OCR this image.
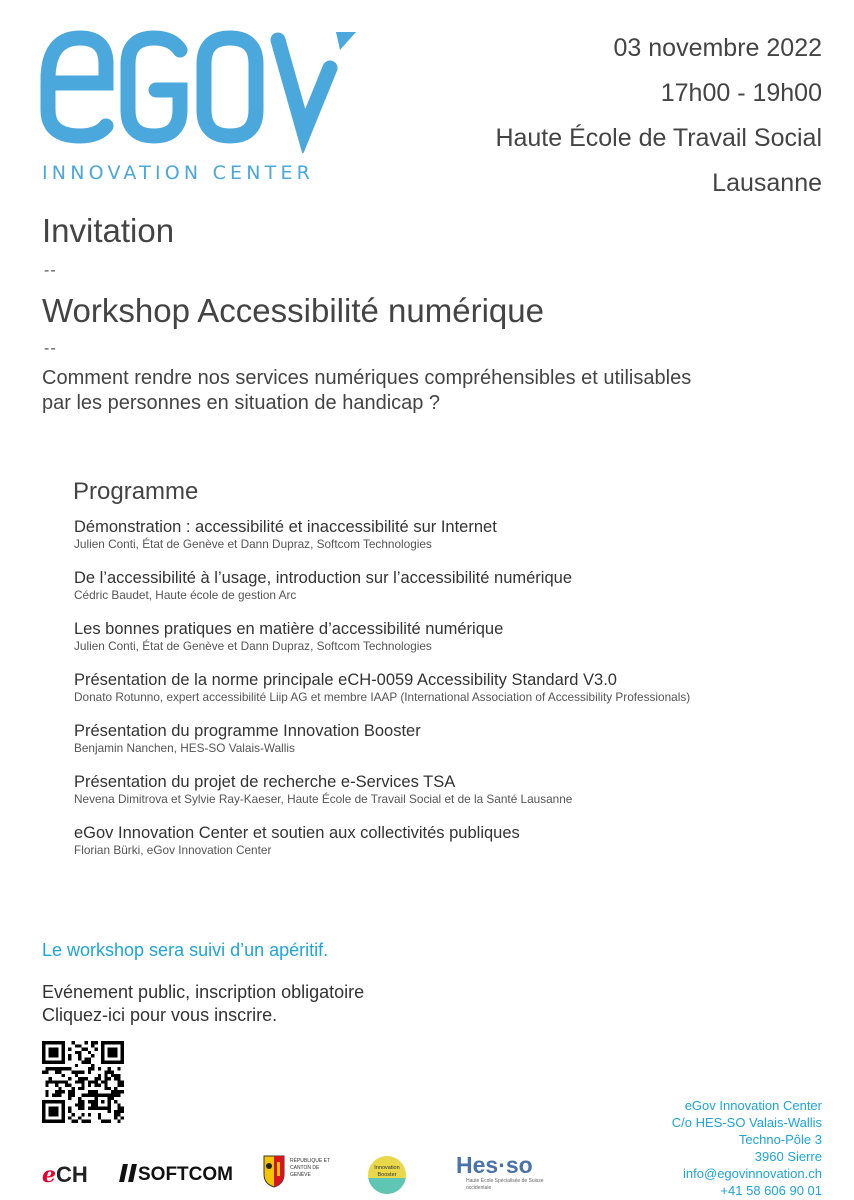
INNOVATION CENTER
03 novembre 2022
17h00 - 19h00
Haute École de Travail Social
Lausanne
Invitation
--
Workshop Accessibilité numérique
--
Comment rendre nos services numériques compréhensibles et utilisables
par les personnes en situation de handicap ?
Programme
Démonstration : accessibilité et inaccessibilité sur Internet
Julien Conti, État de Genève et Dann Dupraz, Softcom Technologies
De l’accessibilité à l’usage, introduction sur l’accessibilité numérique
Cédric Baudet, Haute école de gestion Arc
Les bonnes pratiques en matière d’accessibilité numérique
Julien Conti, État de Genève et Dann Dupraz, Softcom Technologies
Présentation de la norme principale eCH-0059 Accessibility Standard V3.0
Donato Rotunno, expert accessibilité Liip AG et membre IAAP (International Association of Accessibility Professionals)
Présentation du programme Innovation Booster
Benjamin Nanchen, HES-SO Valais-Wallis
Présentation du projet de recherche e-Services TSA
Nevena Dimitrova et Sylvie Ray-Kaeser, Haute École de Travail Social et de la Santé Lausanne
eGov Innovation Center et soutien aux collectivités publiques
Florian Bürki, eGov Innovation Center
Le workshop sera suivi d’un apéritif.
Evénement public, inscription obligatoire
Cliquez-ici pour vous inscrire.
eGov Innovation Center
C/o HES-SO Valais-Wallis
Techno-Pôle 3
3960 Sierre
info@egovinnovation.ch
+41 58 606 90 01
eCH	SOFTCOM
RÉPUBLIQUE ET CANTON DE GENÈVE
Innovation Booster	Hes·so
Haute École Spécialisée de Suisse occidentale
